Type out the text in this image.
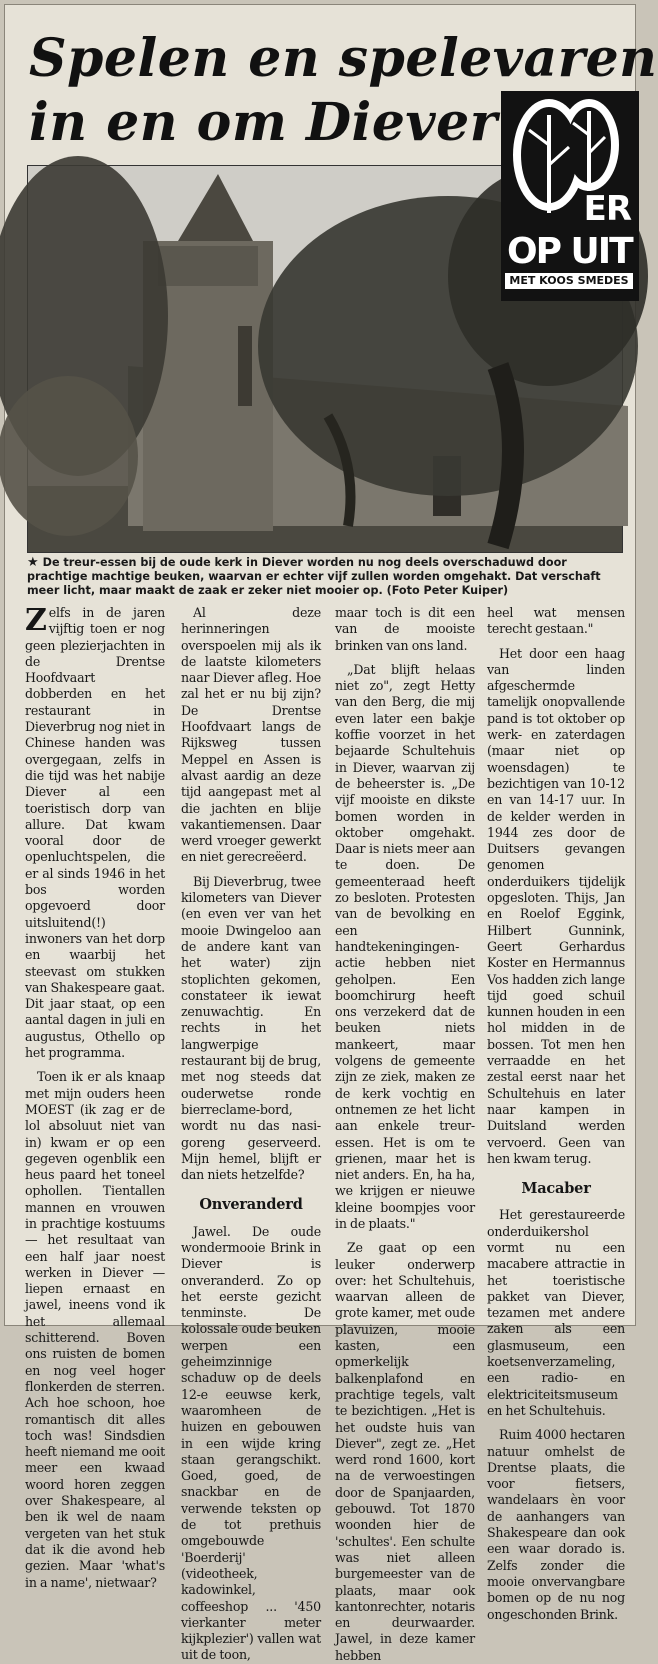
Spelen en spelevaren
in en om Diever
ER
OP UIT
MET KOOS SMEDES
★ De treur-essen bij de oude kerk in Diever worden nu nog deels overschaduwd door prachtige machtige beuken, waarvan er echter vijf zullen worden omgehakt. Dat verschaft meer licht, maar maakt de zaak er zeker niet mooier op. (Foto Peter Kuiper)

Zelfs in de jaren vijftig toen er nog geen plezierjachten in de Drentse Hoofdvaart dobberden en het restaurant in Dieverbrug nog niet in Chinese handen was overgegaan, zelfs in die tijd was het nabije Diever al een toeristisch dorp van allure. Dat kwam vooral door de openluchtspelen, die er al sinds 1946 in het bos worden opgevoerd door uitsluitend(!) inwoners van het dorp en waarbij het steevast om stukken van Shakespeare gaat. Dit jaar staat, op een aantal dagen in juli en augustus, Othello op het programma.

Toen ik er als knaap met mijn ouders heen MOEST (ik zag er de lol absoluut niet van in) kwam er op een gegeven ogenblik een heus paard het toneel ophollen. Tientallen mannen en vrouwen in prachtige kostuums — het resultaat van een half jaar noest werken in Diever — liepen ernaast en jawel, ineens vond ik het allemaal schitterend. Boven ons ruisten de bomen en nog veel hoger flonkerden de sterren. Ach hoe schoon, hoe romantisch dit alles toch was! Sindsdien heeft niemand me ooit meer een kwaad woord horen zeggen over Shakespeare, al ben ik wel de naam vergeten van het stuk dat ik die avond heb gezien. Maar 'what's in a name', nietwaar?

Al deze herinneringen overspoelen mij als ik de laatste kilometers naar Diever afleg. Hoe zal het er nu bij zijn? De Drentse Hoofdvaart langs de Rijksweg tussen Meppel en Assen is alvast aardig an deze tijd aangepast met al die jachten en blije vakantiemensen. Daar werd vroeger gewerkt en niet gerecreëerd.

Bij Dieverbrug, twee kilometers van Diever (en even ver van het mooie Dwingeloo aan de andere kant van het water) zijn stoplichten gekomen, constateer ik iewat zenuwachtig. En rechts in het langwerpige restaurant bij de brug, met nog steeds dat ouderwetse ronde bierreclame-bord, wordt nu das nasi-goreng geserveerd. Mijn hemel, blijft er dan niets hetzelfde?

Onveranderd

Jawel. De oude wondermooie Brink in Diever is onveranderd. Zo op het eerste gezicht tenminste. De kolossale oude beuken werpen een geheimzinnige schaduw op de deels 12-e eeuwse kerk, waaromheen de huizen en gebouwen in een wijde kring staan gerangschikt. Goed, goed, de snackbar en de verwende teksten op de tot prethuis omgebouwde 'Boerderij' (videotheek, kadowinkel, coffeeshop ... '450 vierkanter meter kijkplezier') vallen wat uit de toon,

maar toch is dit een van de mooiste brinken van ons land.

„Dat blijft helaas niet zo", zegt Hetty van den Berg, die mij even later een bakje koffie voorzet in het bejaarde Schultehuis in Diever, waarvan zij de beheerster is. „De vijf mooiste en dikste bomen worden in oktober omgehakt. Daar is niets meer aan te doen. De gemeenteraad heeft zo besloten. Protesten van de bevolking en een handtekeningingen-actie hebben niet geholpen. Een boomchirurg heeft ons verzekerd dat de beuken niets mankeert, maar volgens de gemeente zijn ze ziek, maken ze de kerk vochtig en ontnemen ze het licht aan enkele treur-essen. Het is om te grienen, maar het is niet anders. En, ha ha, we krijgen er nieuwe kleine boompjes voor in de plaats."

Ze gaat op een leuker onderwerp over: het Schultehuis, waarvan alleen de grote kamer, met oude plavuizen, mooie kasten, een opmerkelijk balkenplafond en prachtige tegels, valt te bezichtigen. „Het is het oudste huis van Diever", zegt ze. „Het werd rond 1600, kort na de verwoestingen door de Spanjaarden, gebouwd. Tot 1870 woonden hier de 'schultes'. Een schulte was niet alleen burgemeester van de plaats, maar ook kantonrechter, notaris en deurwaarder. Jawel, in deze kamer hebben

heel wat mensen terecht gestaan."

Het door een haag van linden afgeschermde tamelijk onopvallende pand is tot oktober op werk- en zaterdagen (maar niet op woensdagen) te bezichtigen van 10-12 en van 14-17 uur. In de kelder werden in 1944 zes door de Duitsers gevangen genomen onderduikers tijdelijk opgesloten. Thijs, Jan en Roelof Eggink, Hilbert Gunnink, Geert Gerhardus Koster en Hermannus Vos hadden zich lange tijd goed schuil kunnen houden in een hol midden in de bossen. Tot men hen verraadde en het zestal eerst naar het Schultehuis en later naar kampen in Duitsland werden vervoerd. Geen van hen kwam terug.

Macaber

Het gerestaureerde onderduikershol vormt nu een macabere attractie in het toeristische pakket van Diever, tezamen met andere zaken als een glasmuseum, een koetsenverzameling, een radio- en elektriciteitsmuseum en het Schultehuis.

Ruim 4000 hectaren natuur omhelst de Drentse plaats, die voor fietsers, wandelaars èn voor de aanhangers van Shakespeare dan ook een waar dorado is. Zelfs zonder die mooie onvervangbare bomen op de nu nog ongeschonden Brink.
